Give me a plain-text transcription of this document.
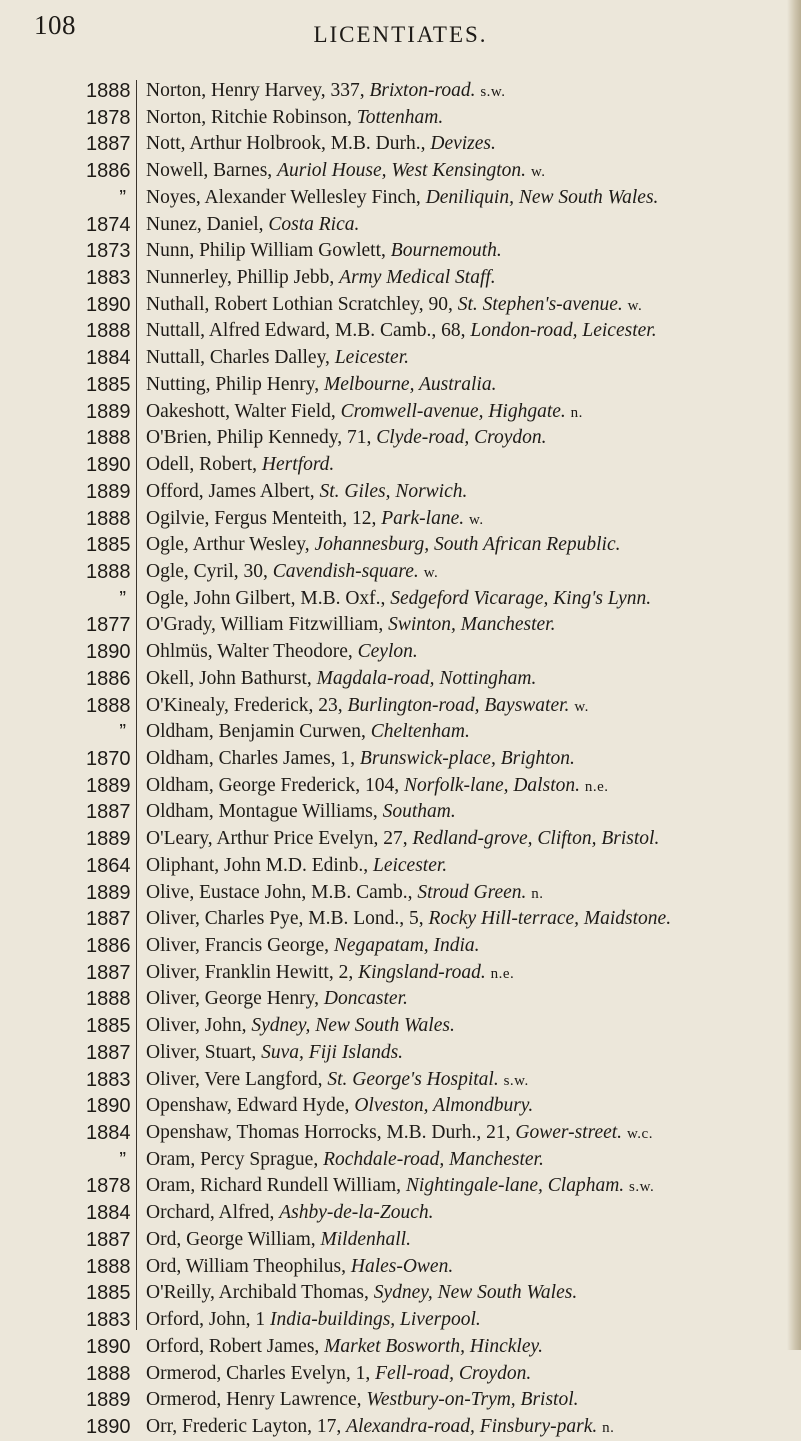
108	LICENTIATES.
1888
1878
1887
1886
”
1874
1873
1883
1890
1888
1884
1885
1889
1888
1890
1889
1888
1885
1888
”
1877
1890
1886
1888
”
1870
1889
1887
1889
1864
1889
1887
1886
1887
1888
1885
1887
1883
1890
1884
”
1878
1884
1887
1888
1885
1883
1890
1888
1889
1890
Norton, Henry Harvey, 337, Brixton-road. s.w.
Norton, Ritchie Robinson, Tottenham.
Nott, Arthur Holbrook, M.B. Durh., Devizes.
Nowell, Barnes, Auriol House, West Kensington. w.
Noyes, Alexander Wellesley Finch, Deniliquin, New South Wales.
Nunez, Daniel, Costa Rica.
Nunn, Philip William Gowlett, Bournemouth.
Nunnerley, Phillip Jebb, Army Medical Staff.
Nuthall, Robert Lothian Scratchley, 90, St. Stephen's-avenue. w.
Nuttall, Alfred Edward, M.B. Camb., 68, London-road, Leicester.
Nuttall, Charles Dalley, Leicester.
Nutting, Philip Henry, Melbourne, Australia.
Oakeshott, Walter Field, Cromwell-avenue, Highgate. n.
O'Brien, Philip Kennedy, 71, Clyde-road, Croydon.
Odell, Robert, Hertford.
Offord, James Albert, St. Giles, Norwich.
Ogilvie, Fergus Menteith, 12, Park-lane. w.
Ogle, Arthur Wesley, Johannesburg, South African Republic.
Ogle, Cyril, 30, Cavendish-square. w.
Ogle, John Gilbert, M.B. Oxf., Sedgeford Vicarage, King's Lynn.
O'Grady, William Fitzwilliam, Swinton, Manchester.
Ohlmüs, Walter Theodore, Ceylon.
Okell, John Bathurst, Magdala-road, Nottingham.
O'Kinealy, Frederick, 23, Burlington-road, Bayswater. w.
Oldham, Benjamin Curwen, Cheltenham.
Oldham, Charles James, 1, Brunswick-place, Brighton.
Oldham, George Frederick, 104, Norfolk-lane, Dalston. n.e.
Oldham, Montague Williams, Southam.
O'Leary, Arthur Price Evelyn, 27, Redland-grove, Clifton, Bristol.
Oliphant, John M.D. Edinb., Leicester.
Olive, Eustace John, M.B. Camb., Stroud Green. n.
Oliver, Charles Pye, M.B. Lond., 5, Rocky Hill-terrace, Maidstone.
Oliver, Francis George, Negapatam, India.
Oliver, Franklin Hewitt, 2, Kingsland-road. n.e.
Oliver, George Henry, Doncaster.
Oliver, John, Sydney, New South Wales.
Oliver, Stuart, Suva, Fiji Islands.
Oliver, Vere Langford, St. George's Hospital. s.w.
Openshaw, Edward Hyde, Olveston, Almondbury.
Openshaw, Thomas Horrocks, M.B. Durh., 21, Gower-street. w.c.
Oram, Percy Sprague, Rochdale-road, Manchester.
Oram, Richard Rundell William, Nightingale-lane, Clapham. s.w.
Orchard, Alfred, Ashby-de-la-Zouch.
Ord, George William, Mildenhall.
Ord, William Theophilus, Hales-Owen.
O'Reilly, Archibald Thomas, Sydney, New South Wales.
Orford, John, 1 India-buildings, Liverpool.
Orford, Robert James, Market Bosworth, Hinckley.
Ormerod, Charles Evelyn, 1, Fell-road, Croydon.
Ormerod, Henry Lawrence, Westbury-on-Trym, Bristol.
Orr, Frederic Layton, 17, Alexandra-road, Finsbury-park. n.
